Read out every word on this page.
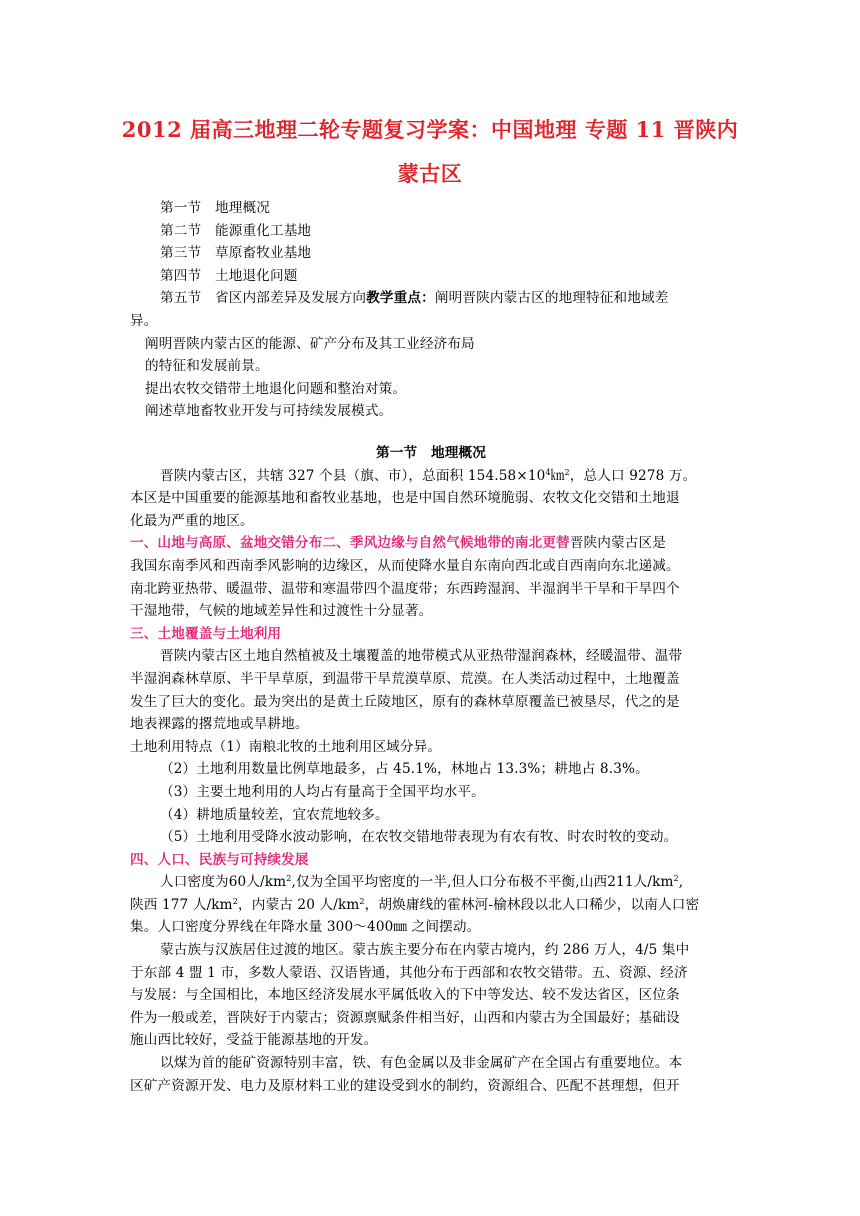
2012 届高三地理二轮专题复习学案：中国地理 专题 11 晋陕内
蒙古区
第一节　地理概况
第二节　能源重化工基地
第三节　草原畜牧业基地
第四节　土地退化问题
第五节　省区内部差异及发展方向教学重点：阐明晋陕内蒙古区的地理特征和地域差
异。
阐明晋陕内蒙古区的能源、矿产分布及其工业经济布局
的特征和发展前景。
提出农牧交错带土地退化问题和整治对策。
阐述草地畜牧业开发与可持续发展模式。
第一节　地理概况
晋陕内蒙古区，共辖 327 个县（旗、市），总面积 $154.58\times 10^4㎞^2$，总人口 9278 万。
本区是中国重要的能源基地和畜牧业基地，也是中国自然环境脆弱、农牧文化交错和土地退
化最为严重的地区。
一、山地与高原、盆地交错分布二、季风边缘与自然气候地带的南北更替晋陕内蒙古区是
我国东南季风和西南季风影响的边缘区，从而使降水量自东南向西北或自西南向东北递减。
南北跨亚热带、暖温带、温带和寒温带四个温度带；东西跨湿润、半湿润半干旱和干旱四个
干湿地带，气候的地域差异性和过渡性十分显著。
三、土地覆盖与土地利用
晋陕内蒙古区土地自然植被及土壤覆盖的地带模式从亚热带湿润森林，经暖温带、温带
半湿润森林草原、半干旱草原，到温带干旱荒漠草原、荒漠。在人类活动过程中，土地覆盖
发生了巨大的变化。最为突出的是黄土丘陵地区，原有的森林草原覆盖已被垦尽，代之的是
地表裸露的撂荒地或旱耕地。
土地利用特点（1）南粮北牧的土地利用区域分异。
（2）土地利用数量比例草地最多，占 45.1%，林地占 13.3%；耕地占 8.3%。
（3）主要土地利用的人均占有量高于全国平均水平。
（4）耕地质量较差，宜农荒地较多。
（5）土地利用受降水波动影响，在农牧交错地带表现为有农有牧、时农时牧的变动。
四、人口、民族与可持续发展
人口密度为60人$/km^2$,仅为全国平均密度的一半,但人口分布极不平衡,山西211人$/km^2$,
陕西 177 人$/km^2$，内蒙古 20 人$/km^2$，胡焕庸线的霍林河-榆林段以北人口稀少，以南人口密
集。人口密度分界线在年降水量 300～400㎜ 之间摆动。
蒙古族与汉族居住过渡的地区。蒙古族主要分布在内蒙古境内，约 286 万人，4/5 集中
于东部 4 盟 1 市，多数人蒙语、汉语皆通，其他分布于西部和农牧交错带。五、资源、经济
与发展：与全国相比，本地区经济发展水平属低收入的下中等发达、较不发达省区，区位条
件为一般或差，晋陕好于内蒙古；资源禀赋条件相当好，山西和内蒙古为全国最好；基础设
施山西比较好，受益于能源基地的开发。
以煤为首的能矿资源特别丰富，铁、有色金属以及非金属矿产在全国占有重要地位。本
区矿产资源开发、电力及原材料工业的建设受到水的制约，资源组合、匹配不甚理想，但开
